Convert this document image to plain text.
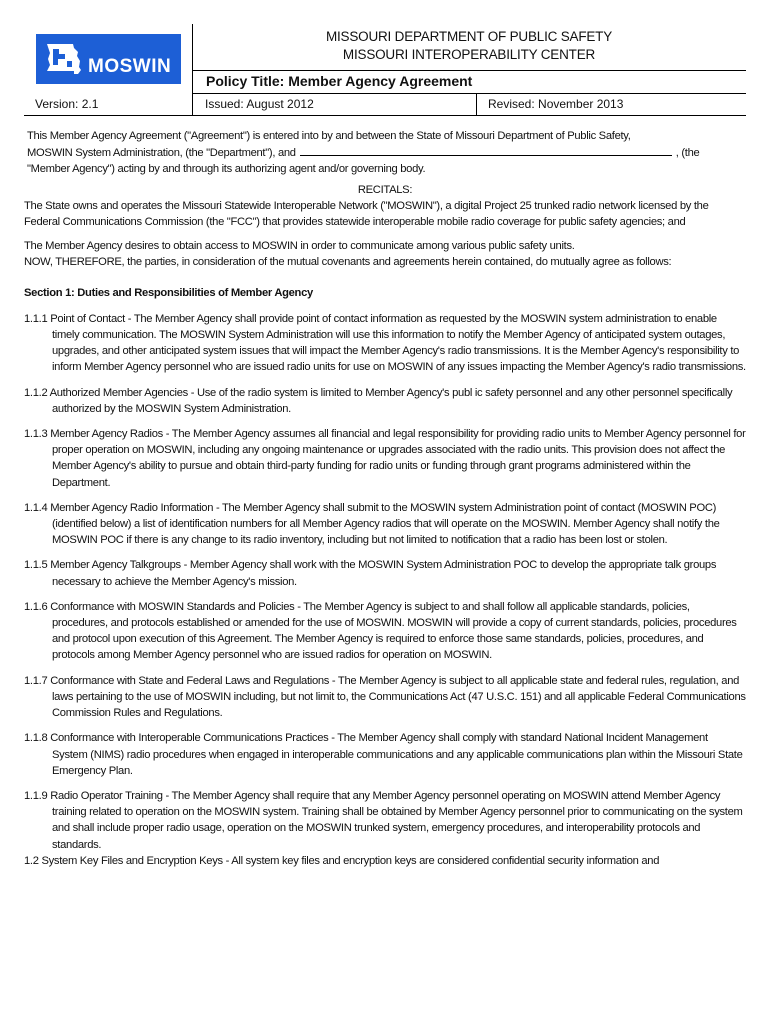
MOSWIN
MISSOURI DEPARTMENT OF PUBLIC SAFETY
MISSOURI INTEROPERABILITY CENTER
Policy Title: Member Agency Agreement
Version: 2.1	Issued: August 2012	Revised: November 2013

This Member Agency Agreement ("Agreement") is entered into by and between the State of Missouri Department of Public Safety,

MOSWIN System Administration, (the "Department"), and	, (the

"Member Agency") acting by and through its authorizing agent and/or governing body.

RECITALS:

The State owns and operates the Missouri Statewide Interoperable Network ("MOSWIN"), a digital Project 25 trunked radio network licensed by the Federal Communications Commission (the "FCC") that provides statewide interoperable mobile radio coverage for public safety agencies; and

The Member Agency desires to obtain access to MOSWIN in order to communicate among various public safety units.

NOW, THEREFORE, the parties, in consideration of the mutual covenants and agreements herein contained, do mutually agree as follows:

Section 1: Duties and Responsibilities of Member Agency

1.1.1 Point of Contact - The Member Agency shall provide point of contact information as requested by the MOSWIN system administration to enable timely communication. The MOSWIN System Administration will use this information to notify the Member Agency of anticipated system outages, upgrades, and other anticipated system issues that will impact the Member Agency's radio transmissions. It is the Member Agency's responsibility to inform Member Agency personnel who are issued radio units for use on MOSWIN of any issues impacting the Member Agency's radio transmissions.

1.1.2 Authorized Member Agencies - Use of the radio system is limited to Member Agency's publ ic safety personnel and any other personnel specifically authorized by the MOSWIN System Administration.

1.1.3 Member Agency Radios - The Member Agency assumes all financial and legal responsibility for providing radio units to Member Agency personnel for proper operation on MOSWIN, including any ongoing maintenance or upgrades associated with the radio units. This provision does not affect the Member Agency's ability to pursue and obtain third-party funding for radio units or funding through grant programs administered within the Department.

1.1.4 Member Agency Radio Information - The Member Agency shall submit to the MOSWIN system Administration point of contact (MOSWIN POC)(identified below) a list of identification numbers for all Member Agency radios that will operate on the MOSWIN. Member Agency shall notify the MOSWIN POC if there is any change to its radio inventory, including but not limited to notification that a radio has been lost or stolen.

1.1.5 Member Agency Talkgroups - Member Agency shall work with the MOSWIN System Administration POC to develop the appropriate talk groups necessary to achieve the Member Agency's mission.

1.1.6 Conformance with MOSWIN Standards and Policies - The Member Agency is subject to and shall follow all applicable standards, policies, procedures, and protocols established or amended for the use of MOSWIN. MOSWIN will provide a copy of current standards, policies, procedures and protocol upon execution of this Agreement. The Member Agency is required to enforce those same standards, policies, procedures, and protocols among Member Agency personnel who are issued radios for operation on MOSWIN.

1.1.7 Conformance with State and Federal Laws and Regulations - The Member Agency is subject to all applicable state and federal rules, regulation, and laws pertaining to the use of MOSWIN including, but not limit to, the Communications Act (47 U.S.C. 151) and all applicable Federal Communications Commission Rules and Regulations.

1.1.8 Conformance with Interoperable Communications Practices - The Member Agency shall comply with standard National Incident Management System (NIMS) radio procedures when engaged in interoperable communications and any applicable communications plan within the Missouri State Emergency Plan.

1.1.9 Radio Operator Training - The Member Agency shall require that any Member Agency personnel operating on MOSWIN attend Member Agency training related to operation on the MOSWIN system. Training shall be obtained by Member Agency personnel prior to communicating on the system and shall include proper radio usage, operation on the MOSWIN trunked system, emergency procedures, and interoperability protocols and standards.

1.2 System Key Files and Encryption Keys - All system key files and encryption keys are considered confidential security information and
